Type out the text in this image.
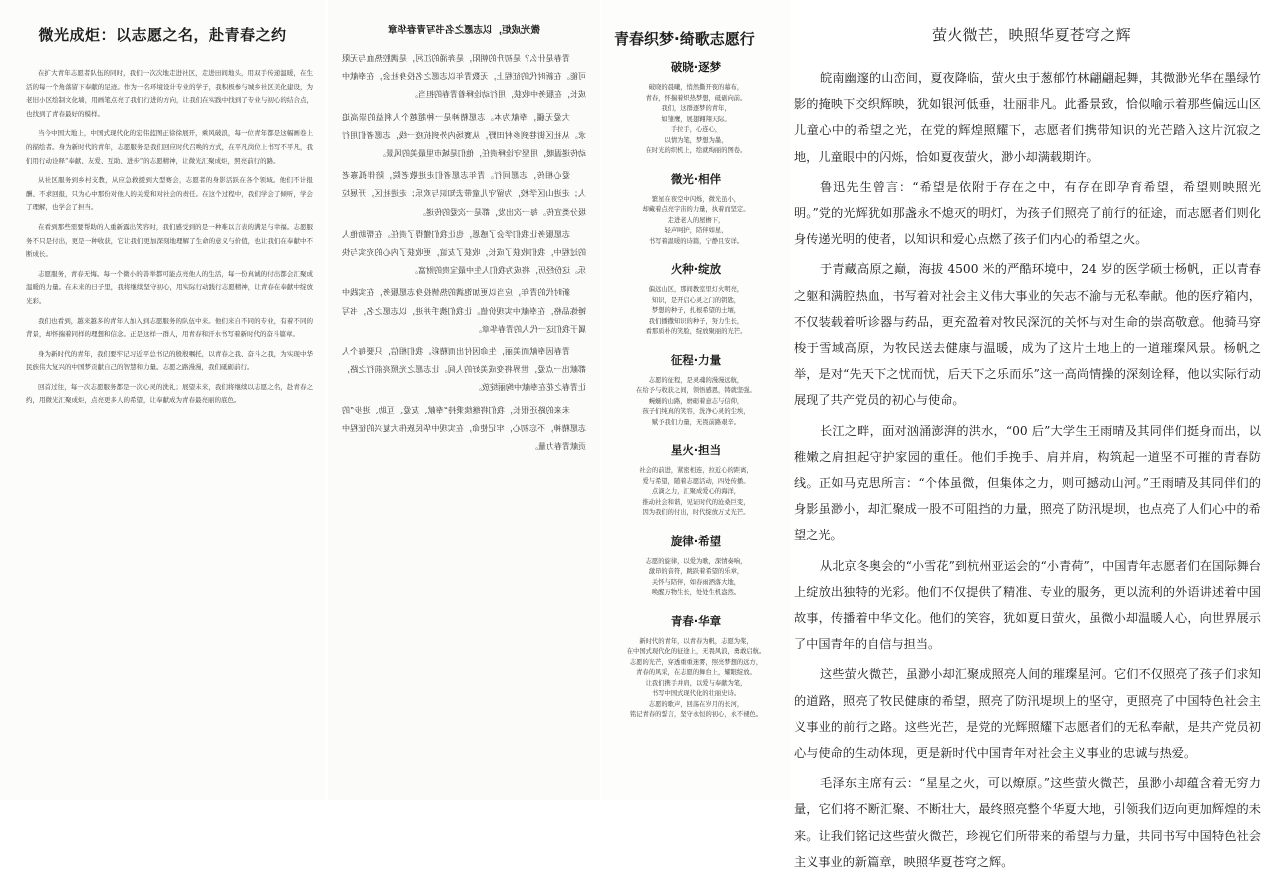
微光成炬：以志愿之名，赴青春之约

在扩大青年志愿者队伍的同时，我们一次次地走进社区，走进田间地头，用双手传递温暖，在生活的每一个角落留下奉献的足迹。作为一名环境设计专业的学子，我积极参与城乡社区美化建设，为老旧小区绘制文化墙，用画笔点亮了我们行进的方向，让我们在实践中找到了专业与初心的结合点，也找到了青春最好的模样。

当今中国大地上，中国式现代化的宏伟蓝图正徐徐展开，乘风破浪，每一位青年都是这幅画卷上的描绘者。身为新时代的青年，志愿服务是我们回应时代召唤的方式，在平凡岗位上书写不平凡，我们用行动诠释“奉献、友爱、互助、进步”的志愿精神，让微光汇聚成炬，照亮前行的路。

从社区服务到乡村支教，从应急救援到大型赛会，志愿者的身影活跃在各个领域。他们不计报酬、不求回报，只为心中那份对他人的关爱和对社会的责任。在这个过程中，我们学会了倾听，学会了理解，也学会了担当。

在看到那些需要帮助的人重新露出笑容时，我们感受到的是一种难以言表的满足与幸福。志愿服务不只是付出，更是一种收获，它让我们更加深刻地理解了生命的意义与价值，也让我们在奉献中不断成长。

志愿服务，青春无悔。每一个微小的善举都可能点亮他人的生活，每一份真诚的付出都会汇聚成温暖的力量。在未来的日子里，我将继续坚守初心，用实际行动践行志愿精神，让青春在奉献中绽放光彩。

我们也看到，越来越多的青年人加入到志愿服务的队伍中来。他们来自不同的专业，有着不同的背景，却怀揣着同样的理想和信念。正是这样一群人，用青春和汗水书写着新时代的奋斗篇章。

身为新时代的青年，我们要牢记习近平总书记的殷殷嘱托，以青春之我、奋斗之我，为实现中华民族伟大复兴的中国梦贡献自己的智慧和力量。志愿之路漫漫，我们砥砺前行。

回首过往，每一次志愿服务都是一次心灵的洗礼；展望未来，我们将继续以志愿之名，赴青春之约，用微光汇聚成炬，点亮更多人的希望，让奉献成为青春最亮丽的底色。

微光成炬，以志愿之名书写青春华章

青春是什么？是初升的朝阳，是奔涌的江河，是满腔热血与无限可能。在新时代的征程上，无数青年以志愿之名投身社会，在奉献中成长，在服务中收获，用行动诠释着青春的担当。

大爱无疆，奉献为本。志愿精神是一种超越个人利益的崇高追求。从社区街巷到乡村田野，从赛场内外到抗疫一线，志愿者们用行动传递温暖，用坚守诠释责任，他们是城市里最美的风景。

爱心相传，志愿同行。青年志愿者们走进敬老院，陪伴孤寡老人；走进山区学校，为留守儿童带去知识与欢乐；走进社区，开展垃圾分类宣传。每一次出发，都是一次爱的传递。

志愿服务让我们学会了感恩，也让我们懂得了责任。在帮助他人的过程中，我们收获了成长，收获了友谊，更收获了内心的充实与快乐。这份经历，将成为我们人生中最宝贵的财富。

新时代的青年，应当以更加饱满的热情投身志愿服务，在实践中锤炼品格，在奉献中实现价值。让我们携手并进，以志愿之名，书写属于我们这一代人的青春华章。

青春因奉献而美丽，生命因付出而精彩。我们相信，只要每个人都献出一点爱，世界将变成美好的人间。让志愿之光照亮前行之路，让青春之花在奉献中绚丽绽放。

未来的路还很长，我们将继续秉持“奉献、友爱、互助、进步”的志愿精神，不忘初心，牢记使命，在实现中华民族伟大复兴的征程中贡献青春力量。

青春织梦·绮歌志愿行
破晓·逐梦
破晓的晨曦，悄然撕开夜的幕布，
青春，怀揣着炽热梦想，砥砺向前。
我们，这群逐梦的青年，
如雏鹰，展翅翱翔天际。
手拉手，心连心，
以情为笔，梦想为墨，
在时光的织机上，绘就绚丽的图卷。
微光·相伴
繁星在夜空中闪烁，微光虽小，
却藏着点亮宇宙的力量，执着而坚定。
走进老人的屋檐下，
轻声呵护，陪伴如星，
书写着温暖的诗篇，宁静且安详。
火种·绽放
偏远山区，那间教室里灯火明亮，
知识，是开启心灵之门的钥匙，
梦想的种子，扎根希望的土壤，
我们播撒知识的种子，努力生长，
看那质朴的笑脸，绽放聚丽的光芒。
征程·力量
志愿的征程，是灵魂的漫漫远航，
在给予与收获之间，领悟感恩，铸就坚强。
蜿蜒的山路，磨砺着意志与信仰，
孩子们纯真的笑容，洗净心灵的尘埃，
赋予我们力量，无畏前路艰辛。
星火·担当
社会的前进，紧密相连，拉近心的距离，
爱与希望，随着志愿活动，四处传播。
点滴之力，汇聚成爱心的海洋，
推动社会和谐，见证时代的沧桑巨变，
因为我们的付出，时代绽放万丈光芒。
旋律·希望
志愿的旋律，以爱为歌，深情奏响，
激昂的音符，跳跃着希望的乐章，
关怀与陪伴，如春雨洒落大地，
唤醒万物生长，处处生机盎然。
青春·华章
新时代的青年，以青春为帆，志愿为桨，
在中国式现代化的征途上，无畏风浪，勇敢启航。
志愿的光芒，穿透重重迷雾，照亮梦想的远方，
青春的风采，在志愿的舞台上，耀眼绽放。
让我们携手并肩，以爱与奉献为笔，
书写中国式现代化的壮丽史诗。
志愿的歌声，回荡在岁月的长河，
铭记青春的誓言，坚守永恒的初心，永不褪色。
萤火微芒，映照华夏苍穹之辉

皖南幽邃的山峦间，夏夜降临，萤火虫于葱郁竹林翩翩起舞，其微渺光华在墨绿竹影的掩映下交织辉映，犹如银河低垂，壮丽非凡。此番景致，恰似喻示着那些偏远山区儿童心中的希望之光，在党的辉煌照耀下，志愿者们携带知识的光芒踏入这片沉寂之地，儿童眼中的闪烁，恰如夏夜萤火，渺小却满载期许。

鲁迅先生曾言：“希望是依附于存在之中，有存在即孕育希望，希望则映照光明。”党的光辉犹如那盏永不熄灭的明灯，为孩子们照亮了前行的征途，而志愿者们则化身传递光明的使者，以知识和爱心点燃了孩子们内心的希望之火。

于青藏高原之巅，海拔 4500 米的严酷环境中，24 岁的医学硕士杨帆，正以青春之躯和满腔热血，书写着对社会主义伟大事业的矢志不渝与无私奉献。他的医疗箱内，不仅装载着听诊器与药品，更充盈着对牧民深沉的关怀与对生命的崇高敬意。他骑马穿梭于雪域高原，为牧民送去健康与温暖，成为了这片土地上的一道璀璨风景。杨帆之举，是对“先天下之忧而忧，后天下之乐而乐”这一高尚情操的深刻诠释，他以实际行动展现了共产党员的初心与使命。

长江之畔，面对汹涌澎湃的洪水，“00 后”大学生王雨晴及其同伴们挺身而出，以稚嫩之肩担起守护家园的重任。他们手挽手、肩并肩，构筑起一道坚不可摧的青春防线。正如马克思所言：“个体虽微，但集体之力，则可撼动山河。”王雨晴及其同伴们的身影虽渺小，却汇聚成一股不可阻挡的力量，照亮了防汛堤坝，也点亮了人们心中的希望之光。

从北京冬奥会的“小雪花”到杭州亚运会的“小青荷”，中国青年志愿者们在国际舞台上绽放出独特的光彩。他们不仅提供了精准、专业的服务，更以流利的外语讲述着中国故事，传播着中华文化。他们的笑容，犹如夏日萤火，虽微小却温暖人心，向世界展示了中国青年的自信与担当。

这些萤火微芒，虽渺小却汇聚成照亮人间的璀璨星河。它们不仅照亮了孩子们求知的道路，照亮了牧民健康的希望，照亮了防汛堤坝上的坚守，更照亮了中国特色社会主义事业的前行之路。这些光芒，是党的光辉照耀下志愿者们的无私奉献，是共产党员初心与使命的生动体现，更是新时代中国青年对社会主义事业的忠诚与热爱。

毛泽东主席有云：“星星之火，可以燎原。”这些萤火微芒，虽渺小却蕴含着无穷力量，它们将不断汇聚、不断壮大，最终照亮整个华夏大地，引领我们迈向更加辉煌的未来。让我们铭记这些萤火微芒，珍视它们所带来的希望与力量，共同书写中国特色社会主义事业的新篇章，映照华夏苍穹之辉。
